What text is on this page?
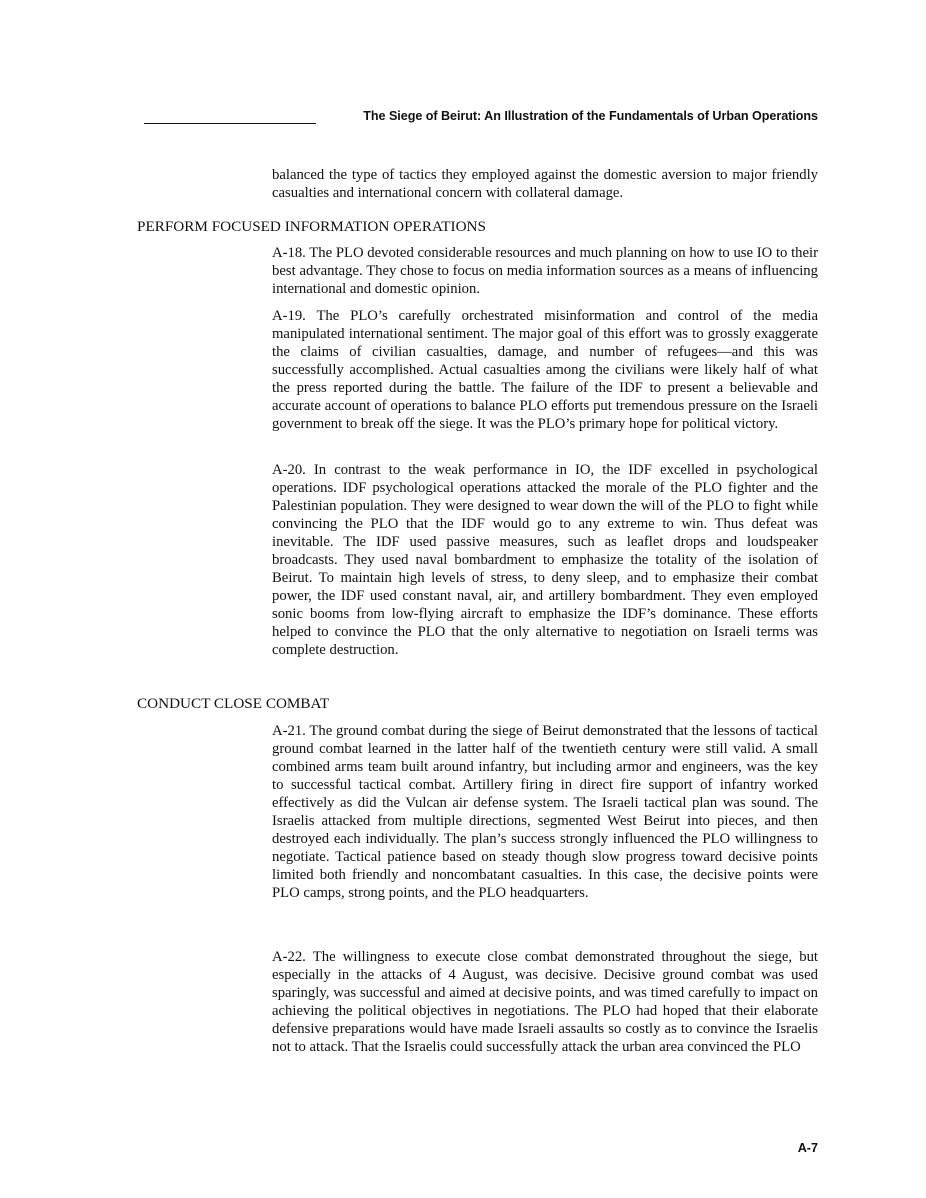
The Siege of Beirut: An Illustration of the Fundamentals of Urban Operations

balanced the type of tactics they employed against the domestic aversion to major friendly casualties and international concern with collateral damage.

PERFORM FOCUSED INFORMATION OPERATIONS

A-18. The PLO devoted considerable resources and much planning on how to use IO to their best advantage. They chose to focus on media information sources as a means of influencing international and domestic opinion.

A-19. The PLO’s carefully orchestrated misinformation and control of the media manipulated international sentiment. The major goal of this effort was to grossly exaggerate the claims of civilian casualties, damage, and number of refugees—and this was successfully accomplished. Actual casualties among the civilians were likely half of what the press reported during the battle. The failure of the IDF to present a believable and accurate account of operations to balance PLO efforts put tremendous pressure on the Israeli government to break off the siege. It was the PLO’s primary hope for political victory.

A-20. In contrast to the weak performance in IO, the IDF excelled in psychological operations. IDF psychological operations attacked the morale of the PLO fighter and the Palestinian population. They were designed to wear down the will of the PLO to fight while convincing the PLO that the IDF would go to any extreme to win. Thus defeat was inevitable. The IDF used passive measures, such as leaflet drops and loudspeaker broadcasts. They used naval bombardment to emphasize the totality of the isolation of Beirut. To maintain high levels of stress, to deny sleep, and to emphasize their combat power, the IDF used constant naval, air, and artillery bombardment. They even employed sonic booms from low-flying aircraft to emphasize the IDF’s dominance. These efforts helped to convince the PLO that the only alternative to negotiation on Israeli terms was complete destruction.

CONDUCT CLOSE COMBAT

A-21. The ground combat during the siege of Beirut demonstrated that the lessons of tactical ground combat learned in the latter half of the twentieth century were still valid. A small combined arms team built around infantry, but including armor and engineers, was the key to successful tactical combat. Artillery firing in direct fire support of infantry worked effectively as did the Vulcan air defense system. The Israeli tactical plan was sound. The Israelis attacked from multiple directions, segmented West Beirut into pieces, and then destroyed each individually. The plan’s success strongly influenced the PLO willingness to negotiate. Tactical patience based on steady though slow progress toward decisive points limited both friendly and noncombatant casualties. In this case, the decisive points were PLO camps, strong points, and the PLO headquarters.

A-22. The willingness to execute close combat demonstrated throughout the siege, but especially in the attacks of 4 August, was decisive. Decisive ground combat was used sparingly, was successful and aimed at decisive points, and was timed carefully to impact on achieving the political objectives in negotiations. The PLO had hoped that their elaborate defensive preparations would have made Israeli assaults so costly as to convince the Israelis not to attack. That the Israelis could successfully attack the urban area convinced the PLO

A-7
